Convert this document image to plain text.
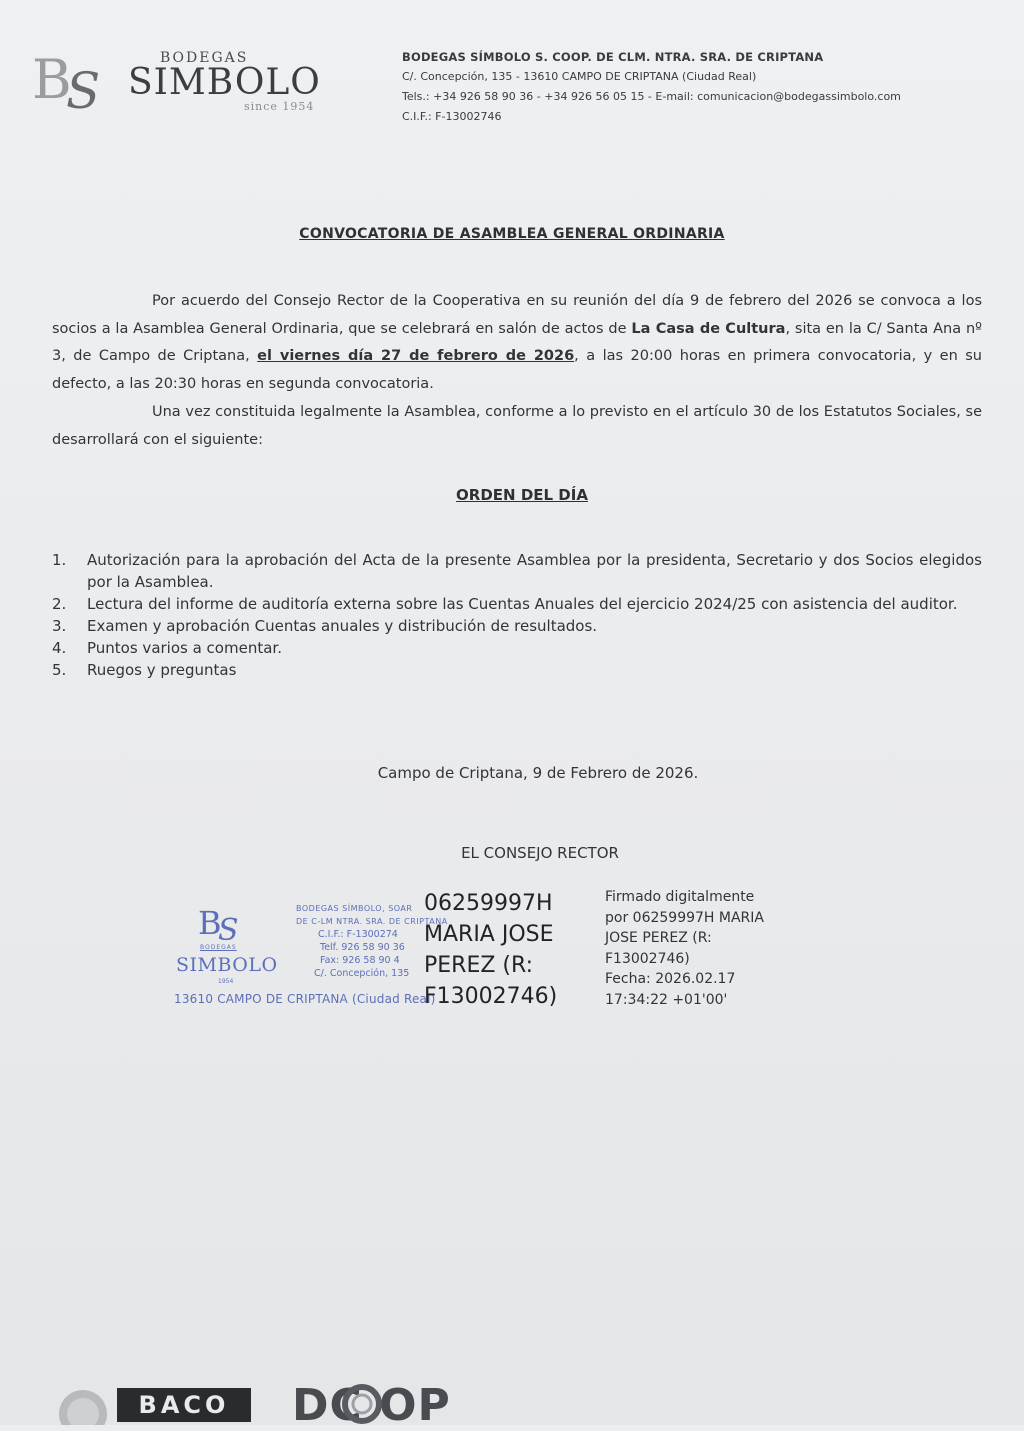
B
S
BODEGAS
SIMBOLO
since 1954
BODEGAS SÍMBOLO S. COOP. DE CLM. NTRA. SRA. DE CRIPTANA
C/. Concepción, 135 - 13610 CAMPO DE CRIPTANA (Ciudad Real)
Tels.: +34 926 58 90 36 - +34 926 56 05 15 - E-mail: comunicacion@bodegassimbolo.com
C.I.F.: F-13002746
CONVOCATORIA DE ASAMBLEA GENERAL ORDINARIA
Por acuerdo del Consejo Rector de la Cooperativa en su reunión del día 9 de febrero del 2026 se convoca a los socios a la Asamblea General Ordinaria, que se celebrará en salón de actos de La Casa de Cultura, sita en la C/ Santa Ana nº 3, de Campo de Criptana, el viernes día 27 de febrero de 2026, a las 20:00 horas en primera convocatoria, y en su defecto, a las 20:30 horas en segunda convocatoria.
Una vez constituida legalmente la Asamblea, conforme a lo previsto en el artículo 30 de los Estatutos Sociales, se desarrollará con el siguiente:
ORDEN DEL DÍA
1. Autorización para la aprobación del Acta de la presente Asamblea por la presidenta, Secretario y dos Socios elegidos por la Asamblea.
2. Lectura del informe de auditoría externa sobre las Cuentas Anuales del ejercicio 2024/25 con asistencia del auditor.
3. Examen y aprobación Cuentas anuales y distribución de resultados.
4. Puntos varios a comentar.
5. Ruegos y preguntas
Campo de Criptana, 9 de Febrero de 2026.
EL CONSEJO RECTOR
B
S
BODEGAS
SIMBOLO
1954
BODEGAS SÍMBOLO, SOAR
DE C-LM NTRA. SRA. DE CRIPTANA
C.I.F.: F-1300274
Telf. 926 58 90 36
Fax: 926 58 90 4
C/. Concepción, 135
13610 CAMPO DE CRIPTANA (Ciudad Real)
06259997H
MARIA JOSE
PEREZ (R:
F13002746)
Firmado digitalmente
por 06259997H MARIA
JOSE PEREZ (R:
F13002746)
Fecha: 2026.02.17
17:34:22 +01'00'
BACO	DC OP
